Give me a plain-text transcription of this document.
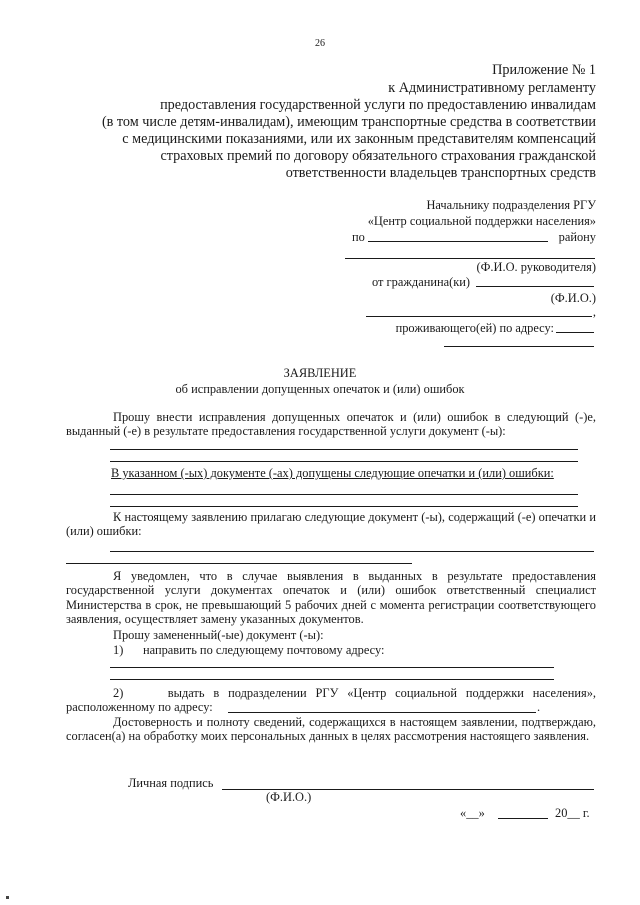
26
Приложение № 1
к Административному регламенту
предоставления государственной услуги по предоставлению инвалидам
(в том числе детям-инвалидам), имеющим транспортные средства в соответствии
с медицинскими показаниями, или их законным представителям компенсаций
страховых премий по договору обязательного страхования гражданской
ответственности владельцев транспортных средств
Начальнику подразделения РГУ
«Центр социальной поддержки населения»
по	району
(Ф.И.О. руководителя)
от гражданина(ки)
(Ф.И.О.)
,
проживающего(ей) по адресу:
ЗАЯВЛЕНИЕ
об исправлении допущенных опечаток и (или) ошибок

Прошу внести исправления допущенных опечаток и (или) ошибок в следующий (-)е, выданный (-е) в результате предоставления государственной услуги документ (-ы):

В указанном (-ых) документе (-ах) допущены следующие опечатки и (или) ошибки:

К настоящему заявлению прилагаю следующие документ (-ы), содержащий (-е) опечатки и (или) ошибки:

Я уведомлен, что в случае выявления в выданных в результате предоставления государственной услуги документах опечаток и (или) ошибок ответственный специалист Министерства в срок, не превышающий 5 рабочих дней с момента регистрации соответствующего заявления, осуществляет замену указанных документов.

Прошу замененный(-ые) документ (-ы):
1) направить по следующему почтовому адресу:

2)	выдать в подразделении РГУ «Центр социальной поддержки населения», расположенному по адресу:	.

Достоверность и полноту сведений, содержащихся в настоящем заявлении, подтверждаю, согласен(а) на обработку моих персональных данных в целях рассмотрения настоящего заявления.

Личная подпись
(Ф.И.О.)
«__»	20__ г.
